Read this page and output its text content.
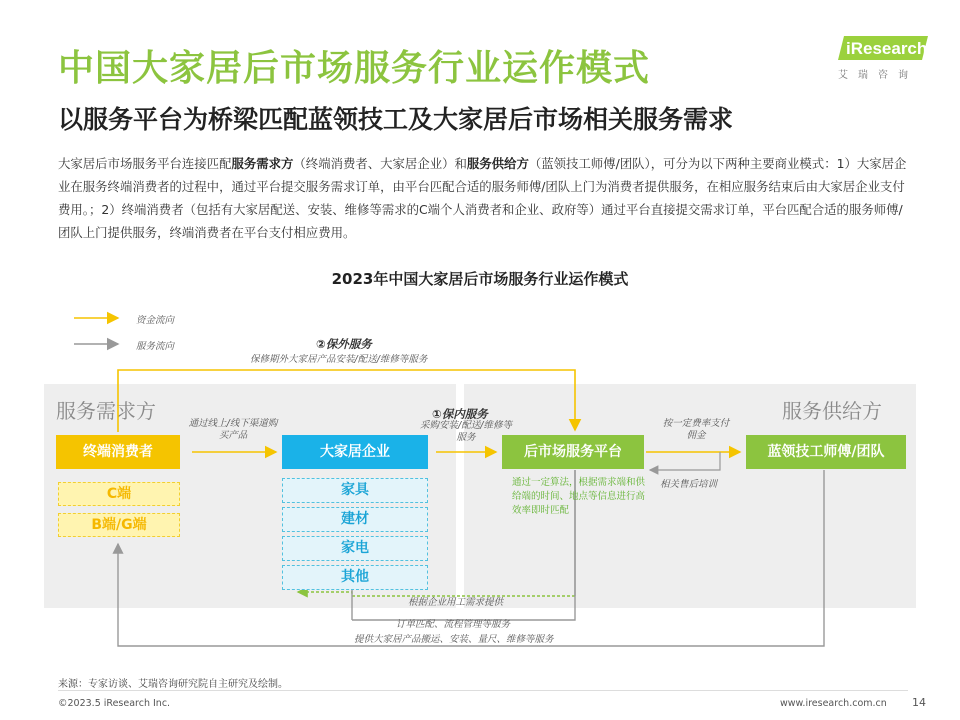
中国大家居后市场服务行业运作模式
以服务平台为桥梁匹配蓝领技工及大家居后市场相关服务需求
iResearch
艾瑞咨询
大家居后市场服务平台连接匹配服务需求方（终端消费者、大家居企业）和服务供给方（蓝领技工师傅/团队），可分为以下两种主要商业模式：1）大家居企业在服务终端消费者的过程中，通过平台提交服务需求订单，由平台匹配合适的服务师傅/团队上门为消费者提供服务，在相应服务结束后由大家居企业支付费用。；2）终端消费者（包括有大家居配送、安装、维修等需求的C端个人消费者和企业、政府等）通过平台直接提交需求订单，平台匹配合适的服务师傅/团队上门提供服务，终端消费者在平台支付相应费用。
2023年中国大家居后市场服务行业运作模式
服务需求方	服务供给方
资金流向
服务流向	②保外服务
保修期外大家居产品安装/配送/维修等服务
终端消费者	大家居企业	后市场服务平台	蓝领技工师傅/团队
C端
B端/G端
家具
建材
家电
其他
通过线上/线下渠道购买产品
①保内服务
采购安装/配送/维修等服务
按一定费率支付佣金
相关售后培训
通过一定算法，根据需求端和供给端的时间、地点等信息进行高效率即时匹配
根据企业用工需求提供
订单匹配、流程管理等服务
提供大家居产品搬运、安装、量尺、维修等服务
来源：专家访谈、艾瑞咨询研究院自主研究及绘制。
©2023.5 iResearch Inc.	www.iresearch.com.cn 14
